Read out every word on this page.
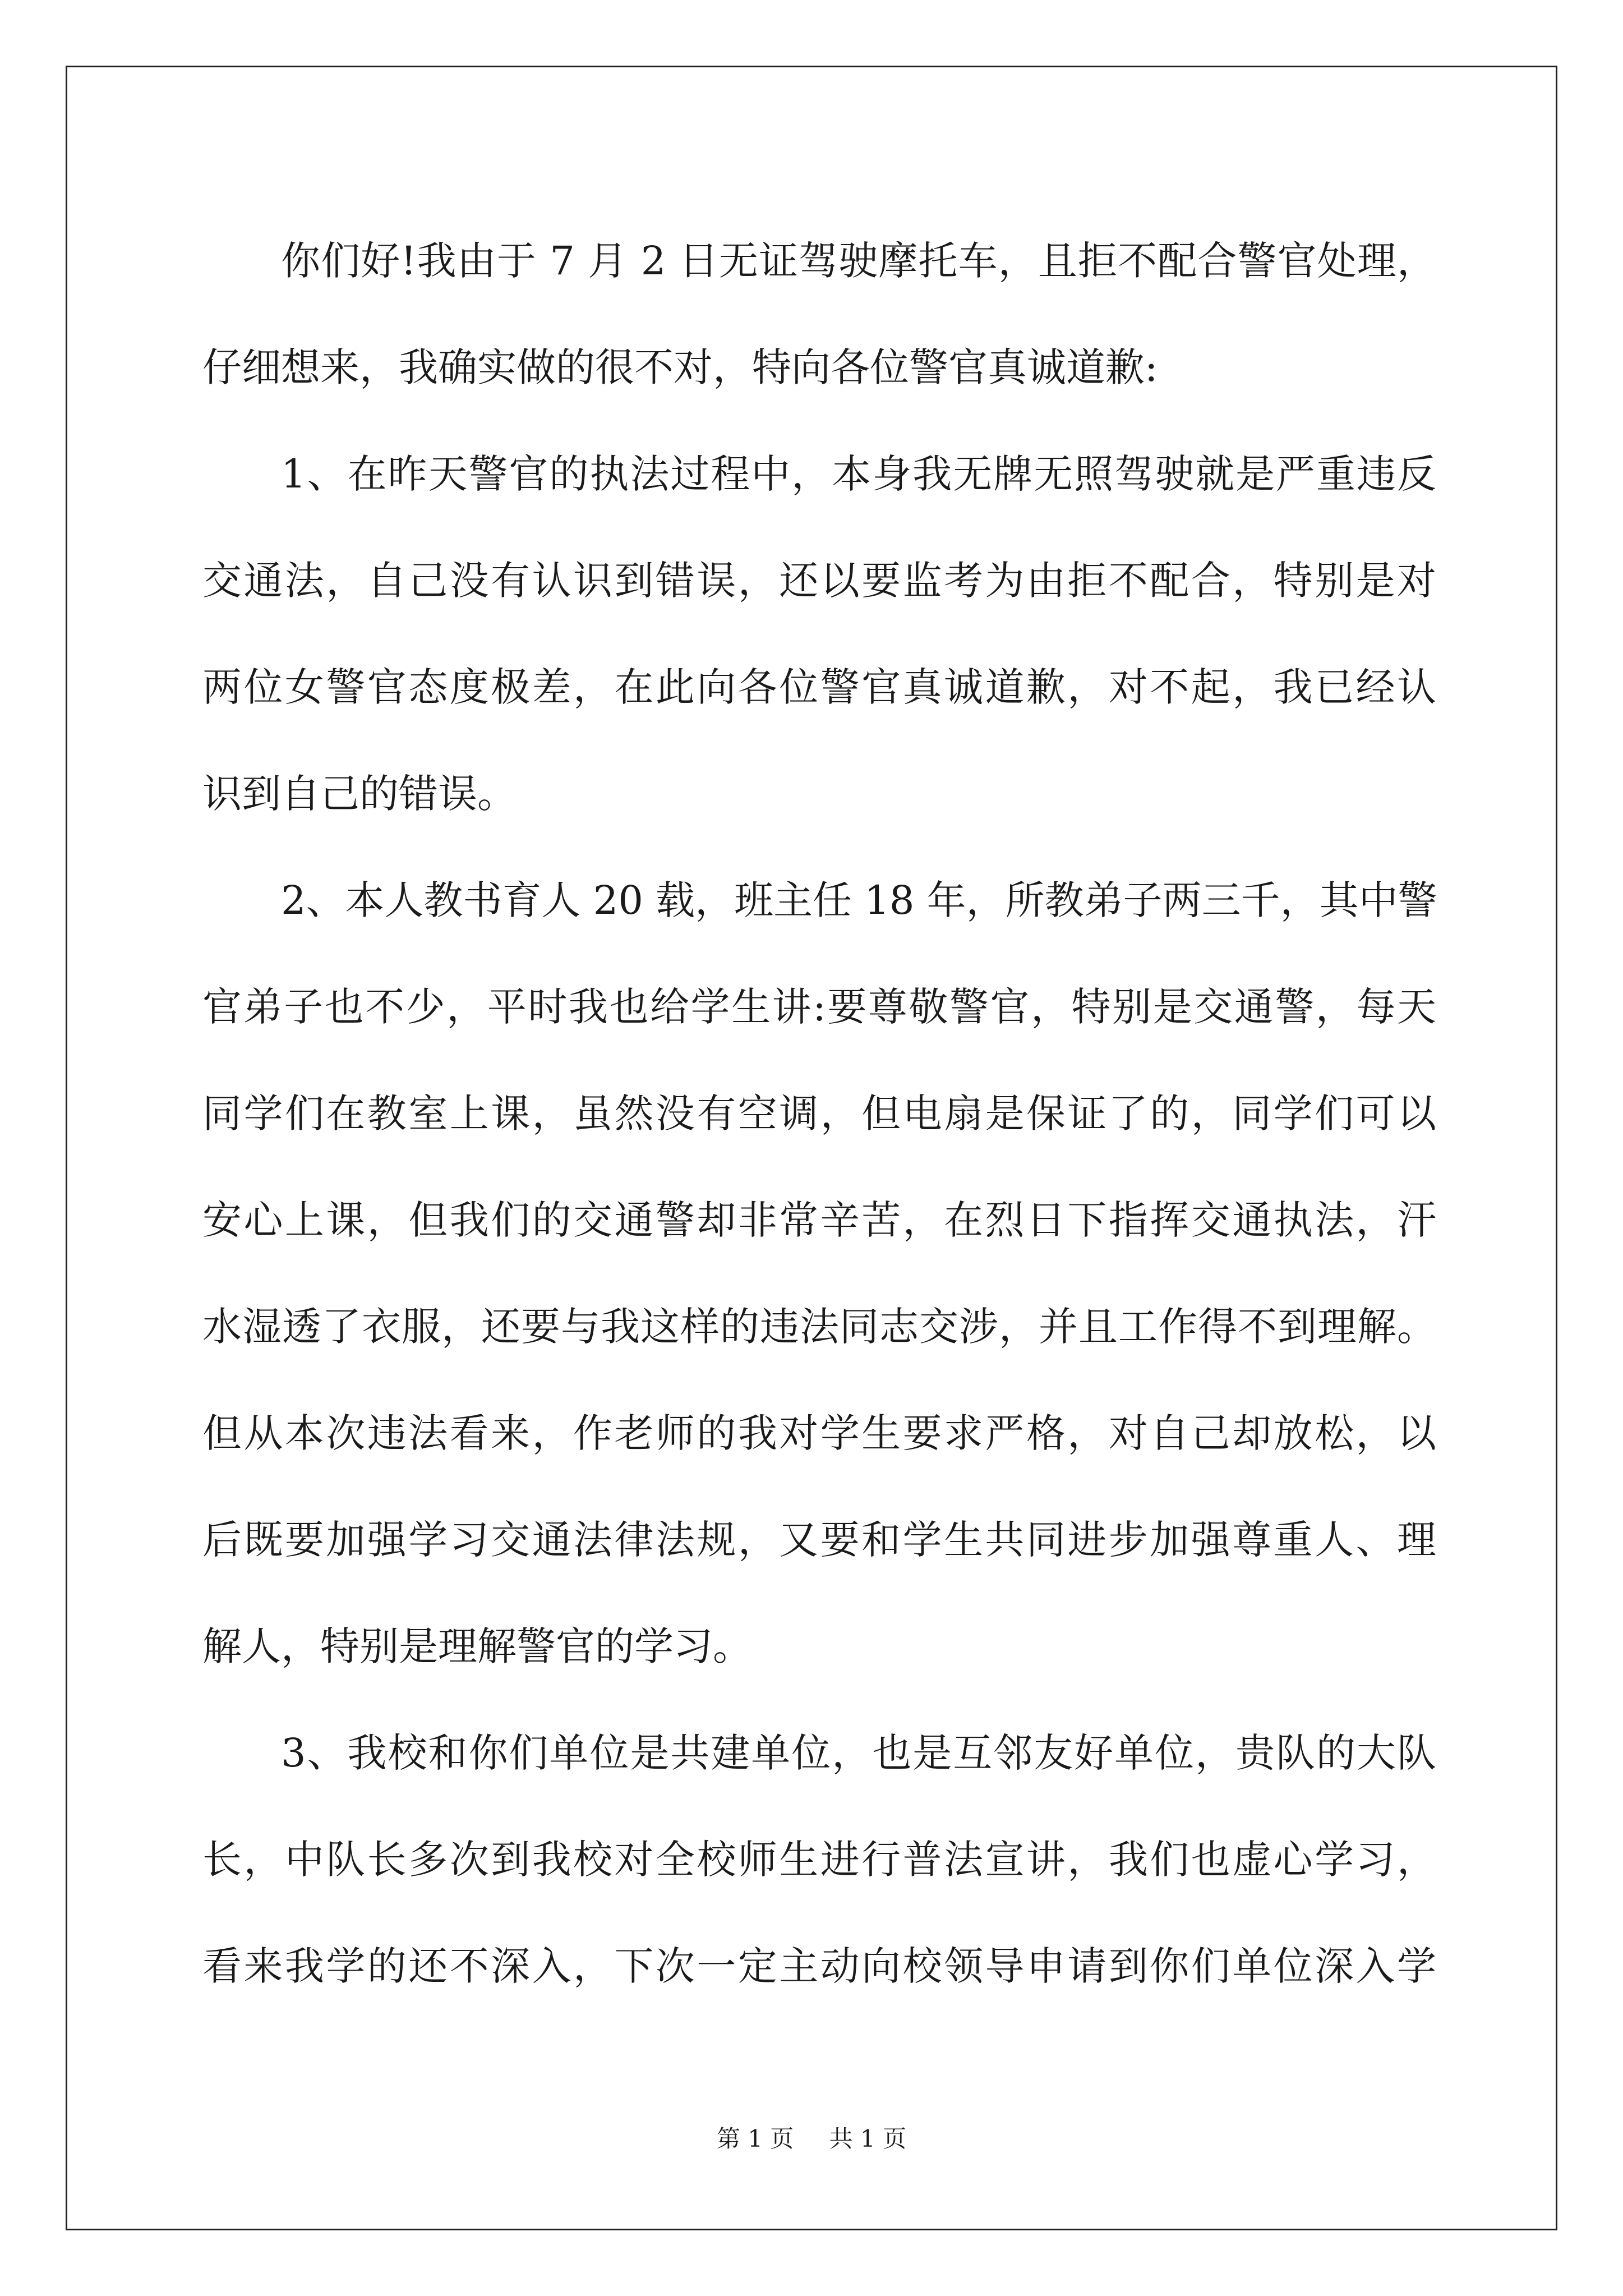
你们好!我由于 7 月 2 日无证驾驶摩托车，且拒不配合警官处理，
仔细想来，我确实做的很不对，特向各位警官真诚道歉:
1、在昨天警官的执法过程中，本身我无牌无照驾驶就是严重违反
交通法，自己没有认识到错误，还以要监考为由拒不配合，特别是对
两位女警官态度极差，在此向各位警官真诚道歉，对不起，我已经认
识到自己的错误。
2、本人教书育人 20 载，班主任 18 年，所教弟子两三千，其中警
官弟子也不少，平时我也给学生讲:要尊敬警官，特别是交通警，每天
同学们在教室上课，虽然没有空调，但电扇是保证了的，同学们可以
安心上课，但我们的交通警却非常辛苦，在烈日下指挥交通执法，汗
水湿透了衣服，还要与我这样的违法同志交涉，并且工作得不到理解。
但从本次违法看来，作老师的我对学生要求严格，对自己却放松，以
后既要加强学习交通法律法规，又要和学生共同进步加强尊重人、理
解人，特别是理解警官的学习。
3、我校和你们单位是共建单位，也是互邻友好单位，贵队的大队
长，中队长多次到我校对全校师生进行普法宣讲，我们也虚心学习，
看来我学的还不深入，下次一定主动向校领导申请到你们单位深入学
第 1 页 共 1 页
